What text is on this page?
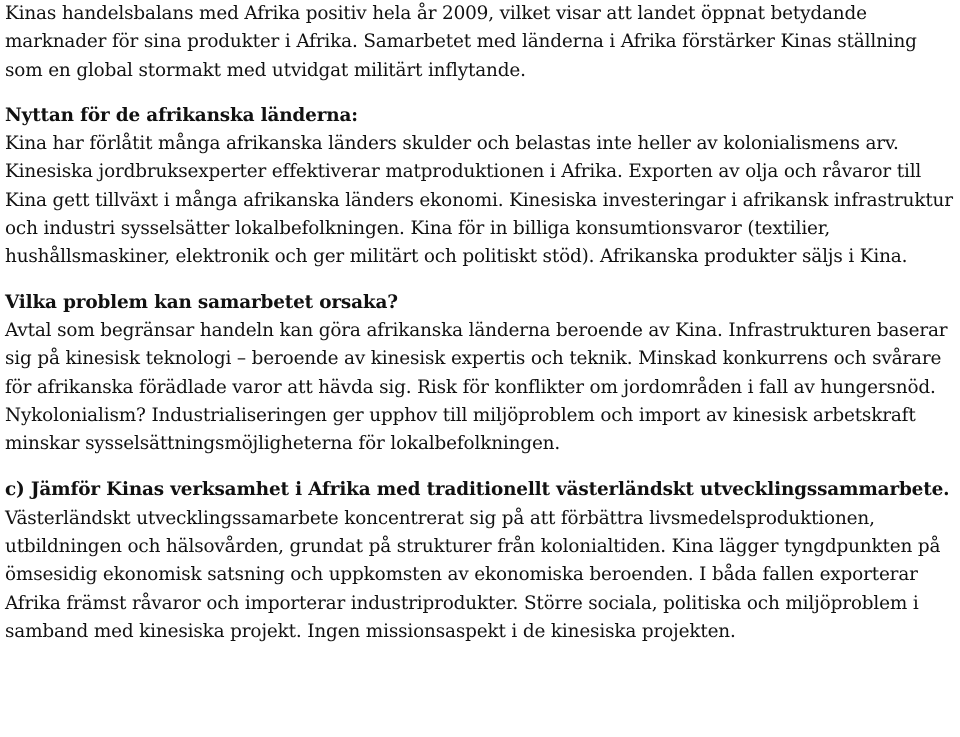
Kinas handelsbalans med Afrika positiv hela år 2009, vilket visar att landet öppnat betydande marknader för sina produkter i Afrika. Samarbetet med länderna i Afrika förstärker Kinas ställning som en global stormakt med utvidgat militärt inflytande.

Nyttan för de afrikanska länderna:

Kina har förlåtit många afrikanska länders skulder och belastas inte heller av kolonialismens arv. Kinesiska jordbruksexperter effektiverar matproduktionen i Afrika. Exporten av olja och råvaror till Kina gett tillväxt i många afrikanska länders ekonomi. Kinesiska investeringar i afrikansk infrastruktur och industri sysselsätter lokalbefolkningen. Kina för in billiga konsumtionsvaror (textilier, hushållsmaskiner, elektronik och ger militärt och politiskt stöd). Afrikanska produkter säljs i Kina.

Vilka problem kan samarbetet orsaka?

Avtal som begränsar handeln kan göra afrikanska länderna beroende av Kina. Infrastrukturen baserar sig på kinesisk teknologi – beroende av kinesisk expertis och teknik. Minskad konkurrens och svårare för afrikanska förädlade varor att hävda sig. Risk för konflikter om jordområden i fall av hungersnöd. Nykolonialism? Industrialiseringen ger upphov till miljöproblem och import av kinesisk arbetskraft minskar sysselsättningsmöjligheterna för lokalbefolkningen.

c) Jämför Kinas verksamhet i Afrika med traditionellt västerländskt utvecklingssammarbete.

Västerländskt utvecklingssamarbete koncentrerat sig på att förbättra livsmedelsproduktionen, utbildningen och hälsovården, grundat på strukturer från kolonialtiden. Kina lägger tyngdpunkten på ömsesidig ekonomisk satsning och uppkomsten av ekonomiska beroenden. I båda fallen exporterar Afrika främst råvaror och importerar industriprodukter. Större sociala, politiska och miljöproblem i samband med kinesiska projekt. Ingen missionsaspekt i de kinesiska projekten.
